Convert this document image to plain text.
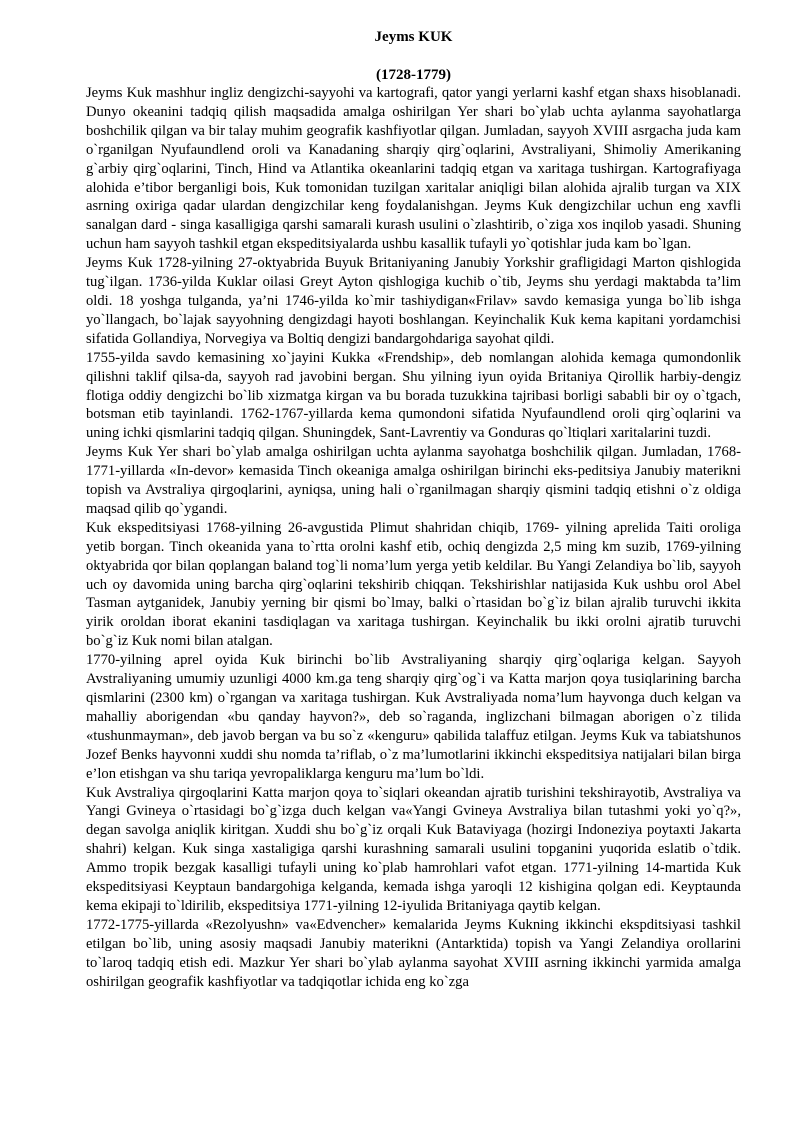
Jeyms KUK
(1728-1779)

Jeyms Kuk mashhur ingliz dengizchi-sayyohi va kartografi, qator yangi yerlarni kashf etgan shaxs hisoblanadi. Dunyo okeanini tadqiq qilish maqsadida amalga oshirilgan Yer shari bo`ylab uchta aylanma sayohatlarga boshchilik qilgan va bir talay muhim geografik kashfiyotlar qilgan. Jumladan, sayyoh XVIII asrgacha juda kam o`rganilgan Nyufaundlend oroli va Kanadaning sharqiy qirg`oqlarini, Avstraliyani, Shimoliy Amerikaning g`arbiy qirg`oqlarini, Tinch, Hind va Atlantika okeanlarini tadqiq etgan va xaritaga tushirgan. Kartografiyaga alohida e’tibor berganligi bois, Kuk tomonidan tuzilgan xaritalar aniqligi bilan alohida ajralib turgan va XIX asrning oxiriga qadar ulardan dengizchilar keng foydalanishgan. Jeyms Kuk dengizchilar uchun eng xavfli sanalgan dard - singa kasalligiga qarshi samarali kurash usulini o`zlashtirib, o`ziga xos inqilob yasadi. Shuning uchun ham sayyoh tashkil etgan ekspeditsiyalarda ushbu kasallik tufayli yo`qotishlar juda kam bo`lgan.

Jeyms Kuk 1728-yilning 27-oktyabrida Buyuk Britaniyaning Janubiy Yorkshir grafligidagi Marton qishlogida tug`ilgan. 1736-yilda Kuklar oilasi Greyt Ayton qishlogiga kuchib o`tib, Jeyms shu yerdagi maktabda ta’lim oldi. 18 yoshga tulganda, ya’ni 1746-yilda ko`mir tashiydigan«Frilav» savdo kemasiga yunga bo`lib ishga yo`llangach, bo`lajak sayyohning dengizdagi hayoti boshlangan. Keyinchalik Kuk kema kapitani yordamchisi sifatida Gollandiya, Norvegiya va Boltiq dengizi bandargohdariga sayohat qildi.

1755-yilda savdo kemasining xo`jayini Kukka «Frendship», deb nomlangan alohida kemaga qumondonlik qilishni taklif qilsa-da, sayyoh rad javobini bergan. Shu yilning iyun oyida Britaniya Qirollik harbiy-dengiz flotiga oddiy dengizchi bo`lib xizmatga kirgan va bu borada tuzukkina tajribasi borligi sababli bir oy o`tgach, botsman etib tayinlandi. 1762-1767-yillarda kema qumondoni sifatida Nyufaundlend oroli qirg`oqlarini va uning ichki qismlarini tadqiq qilgan. Shuningdek, Sant-Lavrentiy va Gonduras qo`ltiqlari xaritalarini tuzdi.

Jeyms Kuk Yer shari bo`ylab amalga oshirilgan uchta aylanma sayohatga boshchilik qilgan. Jumladan, 1768-1771-yillarda «In-devor» kemasida Tinch okeaniga amalga oshirilgan birinchi eks-peditsiya Janubiy materikni topish va Avstraliya qirgoqlarini, ayniqsa, uning hali o`rganilmagan sharqiy qismini tadqiq etishni o`z oldiga maqsad qilib qo`ygandi.

Kuk ekspeditsiyasi 1768-yilning 26-avgustida Plimut shahridan chiqib, 1769- yilning aprelida Taiti oroliga yetib borgan. Tinch okeanida yana to`rtta orolni kashf etib, ochiq dengizda 2,5 ming km suzib, 1769-yilning oktyabrida qor bilan qoplangan baland tog`li noma’lum yerga yetib keldilar. Bu Yangi Zelandiya bo`lib, sayyoh uch oy davomida uning barcha qirg`oqlarini tekshirib chiqqan. Tekshirishlar natijasida Kuk ushbu orol Abel Tasman aytganidek, Janubiy yerning bir qismi bo`lmay, balki o`rtasidan bo`g`iz bilan ajralib turuvchi ikkita yirik oroldan iborat ekanini tasdiqlagan va xaritaga tushirgan. Keyinchalik bu ikki orolni ajratib turuvchi bo`g`iz Kuk nomi bilan atalgan.

1770-yilning aprel oyida Kuk birinchi bo`lib Avstraliyaning sharqiy qirg`oqlariga kelgan. Sayyoh Avstraliyaning umumiy uzunligi 4000 km.ga teng sharqiy qirg`og`i va Katta marjon qoya tusiqlarining barcha qismlarini (2300 km) o`rgangan va xaritaga tushirgan. Kuk Avstraliyada noma’lum hayvonga duch kelgan va mahalliy aborigendan «bu qanday hayvon?», deb so`raganda, inglizchani bilmagan aborigen o`z tilida «tushunmayman», deb javob bergan va bu so`z «kenguru» qabilida talaffuz etilgan. Jeyms Kuk va tabiatshunos Jozef Benks hayvonni xuddi shu nomda ta’riflab, o`z ma’lumotlarini ikkinchi ekspeditsiya natijalari bilan birga e’lon etishgan va shu tariqa yevropaliklarga kenguru ma’lum bo`ldi.

Kuk Avstraliya qirgoqlarini Katta marjon qoya to`siqlari okeandan ajratib turishini tekshirayotib, Avstraliya va Yangi Gvineya o`rtasidagi bo`g`izga duch kelgan va«Yangi Gvineya Avstraliya bilan tutashmi yoki yo`q?», degan savolga aniqlik kiritgan. Xuddi shu bo`g`iz orqali Kuk Bataviyaga (hozirgi Indoneziya poytaxti Jakarta shahri) kelgan. Kuk singa xastaligiga qarshi kurashning samarali usulini topganini yuqorida eslatib o`tdik. Ammo tropik bezgak kasalligi tufayli uning ko`plab hamrohlari vafot etgan. 1771-yilning 14-martida Kuk ekspeditsiyasi Keyptaun bandargohiga kelganda, kemada ishga yaroqli 12 kishigina qolgan edi. Keyptaunda kema ekipaji to`ldirilib, ekspeditsiya 1771-yilning 12-iyulida Britaniyaga qaytib kelgan.

1772-1775-yillarda «Rezolyushn» va«Edvencher» kemalarida Jeyms Kukning ikkinchi ekspditsiyasi tashkil etilgan bo`lib, uning asosiy maqsadi Janubiy materikni (Antarktida) topish va Yangi Zelandiya orollarini to`laroq tadqiq etish edi. Mazkur Yer shari bo`ylab aylanma sayohat XVIII asrning ikkinchi yarmida amalga oshirilgan geografik kashfiyotlar va tadqiqotlar ichida eng ko`zga
